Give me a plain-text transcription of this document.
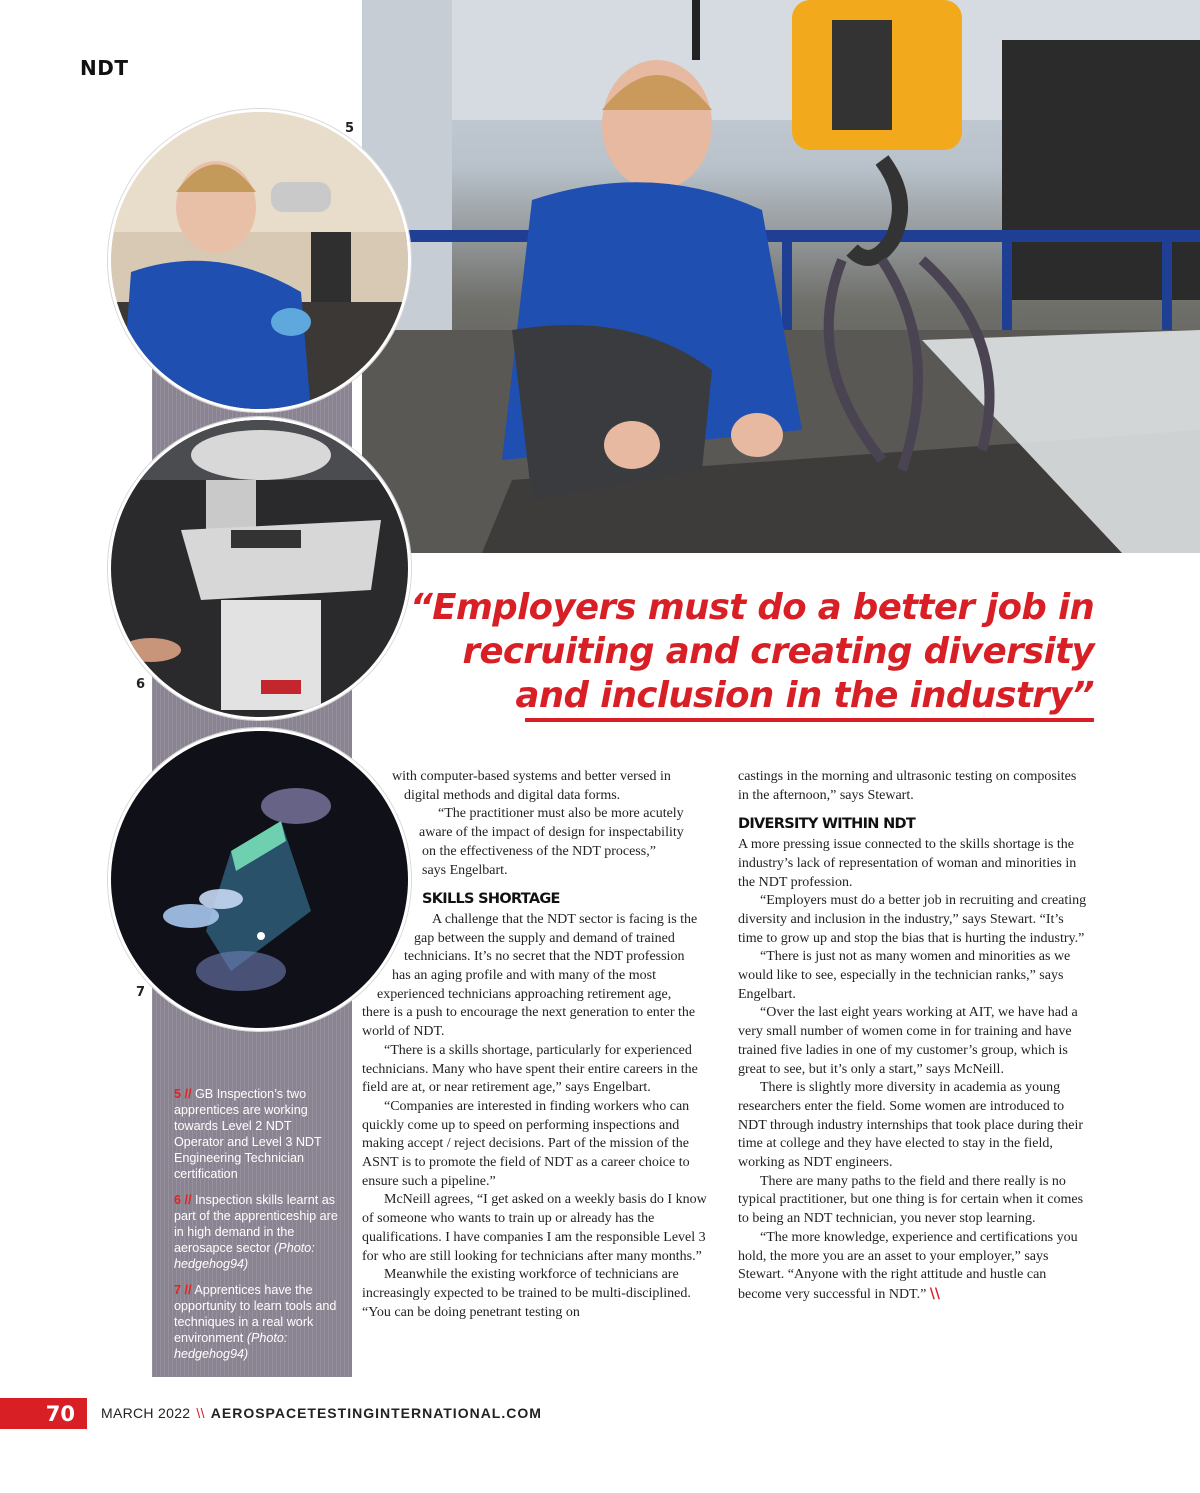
NDT
5
6
7

5 // GB Inspection’s two apprentices are working towards Level 2 NDT Operator and Level 3 NDT Engineering Technician certification

6 // Inspection skills learnt as part of the apprenticeship are in high demand in the aerosapce sector (Photo: hedgehog94)

7 // Apprentices have the opportunity to learn tools and techniques in a real work environment (Photo: hedgehog94)

“Employers must do a better job in
recruiting and creating diversity
and inclusion in the industry”

with computer-based systems and better versed in

digital methods and digital data forms.

“The practitioner must also be more acutely

aware of the impact of design for inspectability

on the effectiveness of the NDT process,”

says Engelbart.

SKILLS SHORTAGE

A challenge that the NDT sector is facing is the

gap between the supply and demand of trained

technicians. It’s no secret that the NDT profession

has an aging profile and with many of the most

experienced technicians approaching retirement age,

there is a push to encourage the next generation to enter the world of NDT.

“There is a skills shortage, particularly for experienced technicians. Many who have spent their entire careers in the field are at, or near retirement age,” says Engelbart.

“Companies are interested in finding workers who can quickly come up to speed on performing inspections and making accept / reject decisions. Part of the mission of the ASNT is to promote the field of NDT as a career choice to ensure such a pipeline.”

McNeill agrees, “I get asked on a weekly basis do I know of someone who wants to train up or already has the qualifications. I have companies I am the responsible Level 3 for who are still looking for technicians after many months.”

Meanwhile the existing workforce of technicians are increasingly expected to be trained to be multi-disciplined. “You can be doing penetrant testing on

castings in the morning and ultrasonic testing on composites in the afternoon,” says Stewart.

DIVERSITY WITHIN NDT

A more pressing issue connected to the skills shortage is the industry’s lack of representation of woman and minorities in the NDT profession.

“Employers must do a better job in recruiting and creating diversity and inclusion in the industry,” says Stewart. “It’s time to grow up and stop the bias that is hurting the industry.”

“There is just not as many women and minorities as we would like to see, especially in the technician ranks,” says Engelbart.

“Over the last eight years working at AIT, we have had a very small number of women come in for training and have trained five ladies in one of my customer’s group, which is great to see, but it’s only a start,” says McNeill.

There is slightly more diversity in academia as young researchers enter the field. Some women are introduced to NDT through industry internships that took place during their time at college and they have elected to stay in the field, working as NDT engineers.

There are many paths to the field and there really is no typical practitioner, but one thing is for certain when it comes to being an NDT technician, you never stop learning.

“The more knowledge, experience and certifications you hold, the more you are an asset to your employer,” says Stewart. “Anyone with the right attitude and hustle can become very successful in NDT.” \\

70	MARCH 2022 \\ AEROSPACETESTINGINTERNATIONAL.COM
